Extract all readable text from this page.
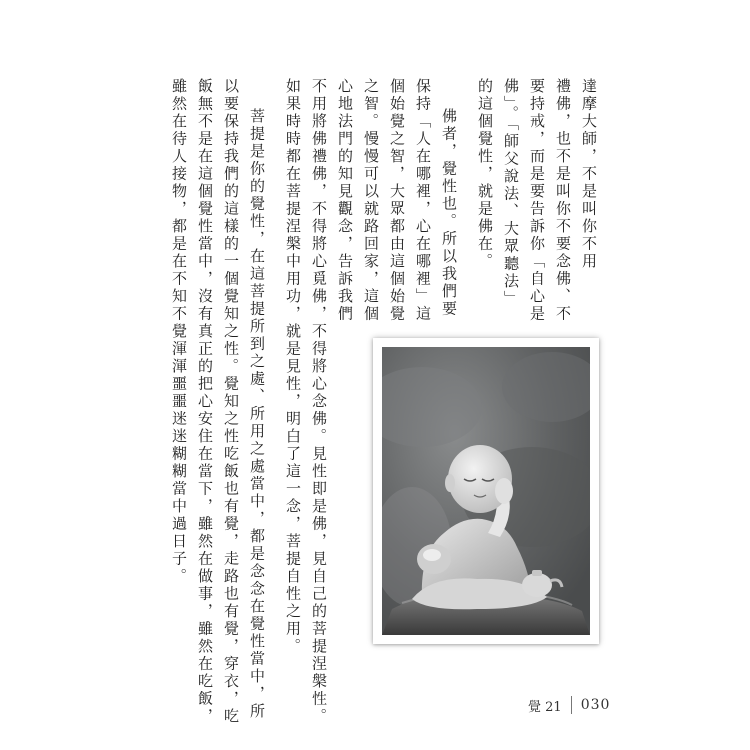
達摩大師，不是叫你不用
禮佛，也不是叫你不要念佛、不
要持戒，而是要告訴你「自心是
佛」。「師父說法、大眾聽法」
的這個覺性，就是佛在。
佛者，覺性也。所以我們要
保持「人在哪裡，心在哪裡」這
個始覺之智，大眾都由這個始覺
之智。慢慢可以就路回家，這個
心地法門的知見觀念，告訴我們
不用將佛禮佛，不得將心覓佛，不得將心念佛。見性即是佛，見自己的菩提涅槃性。
如果時時都在菩提涅槃中用功，就是見性，明白了這一念，菩提自性之用。
菩提是你的覺性，在這菩提所到之處、所用之處當中，都是念念在覺性當中，所
以要保持我們的這樣的一個覺知之性。覺知之性吃飯也有覺，走路也有覺，穿衣，吃
飯無不是在這個覺性當中，沒有真正的把心安住在當下，雖然在做事，雖然在吃飯，
雖然在待人接物，都是在不知不覺渾渾噩噩迷迷糊糊當中過日子。
覺 21 030
